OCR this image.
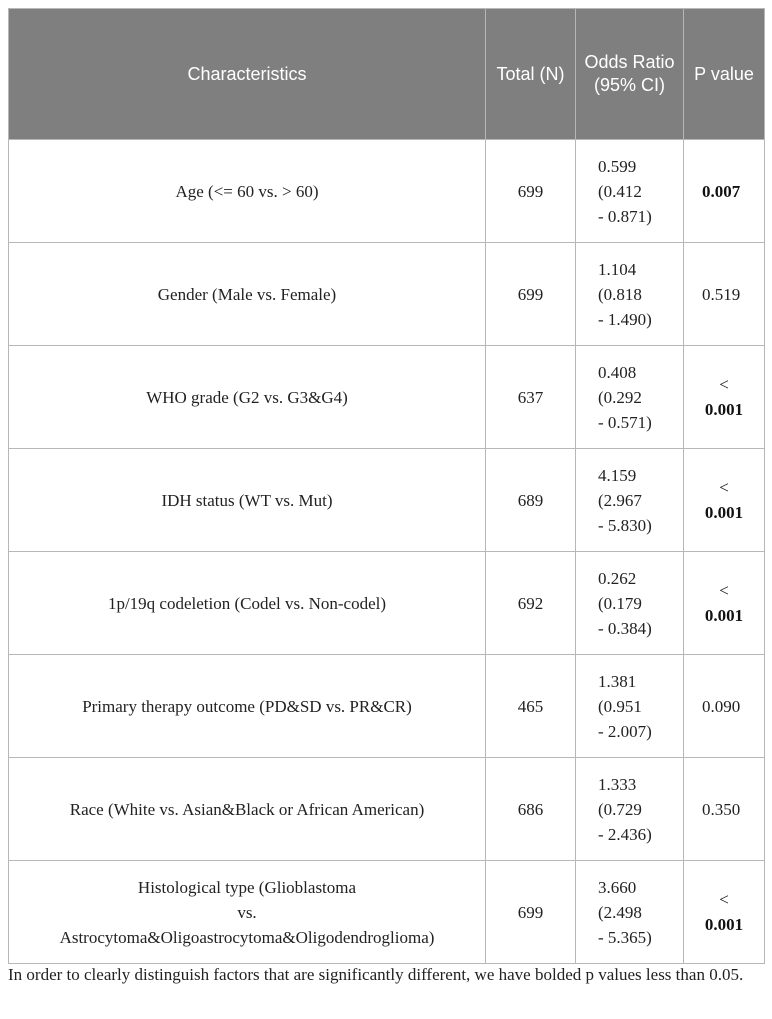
Characteristics	Total (N)	Odds Ratio (95% CI)	P value
Age (<= 60 vs. > 60)	699	0.599
(0.412
- 0.871)	0.007

Gender (Male vs. Female)	699	1.104
(0.818
- 1.490)	0.519

WHO grade (G2 vs. G3&G4)	637	0.408
(0.292
- 0.571)	<
0.001

IDH status (WT vs. Mut)	689	4.159
(2.967
- 5.830)	<
0.001

1p/19q codeletion (Codel vs. Non-codel)	692	0.262
(0.179
- 0.384)	<
0.001

Primary therapy outcome (PD&SD vs. PR&CR)	465	1.381
(0.951
- 2.007)	0.090

Race (White vs. Asian&Black or African American)	686	1.333
(0.729
- 2.436)	0.350

Histological type (Glioblastoma
vs.
Astrocytoma&Oligoastrocytoma&Oligodendroglioma)	699	3.660
(2.498
- 5.365)	<
0.001
In order to clearly distinguish factors that are significantly different, we have bolded p values less than 0.05.
